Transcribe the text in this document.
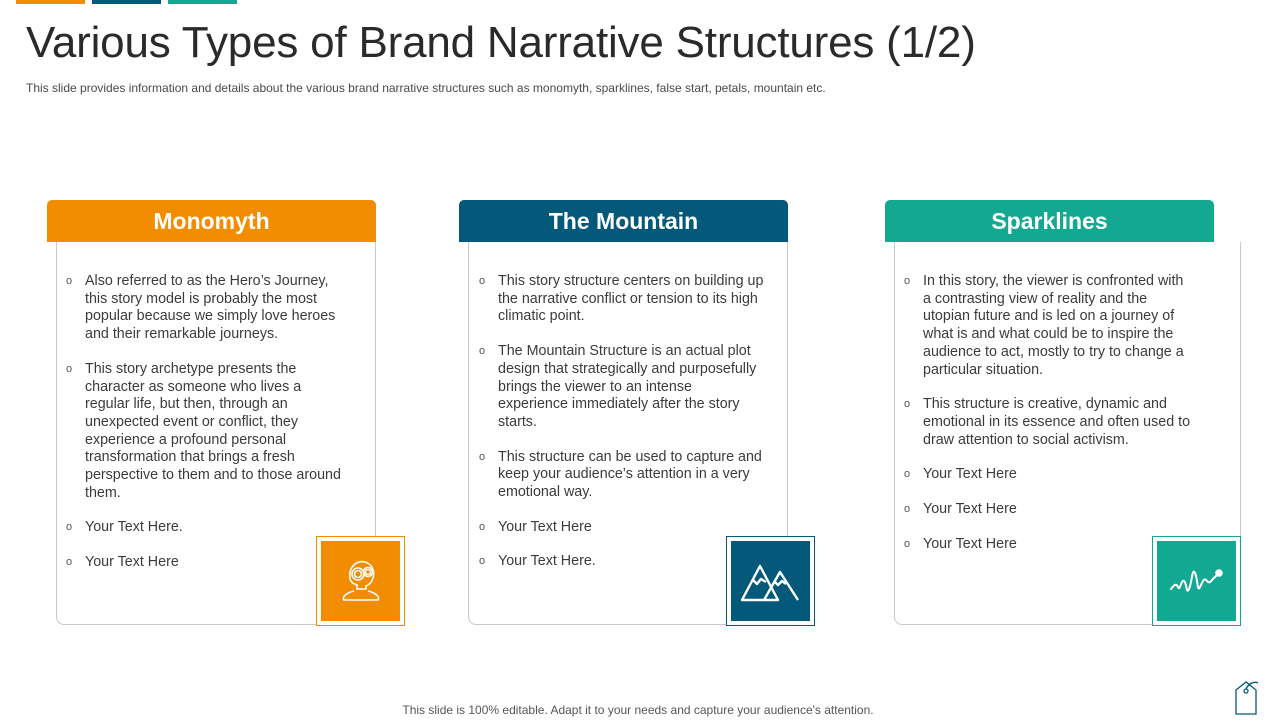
Various Types of Brand Narrative Structures (1/2)

This slide provides information and details about the various brand narrative structures such as monomyth, sparklines, false start, petals, mountain etc.

Monomyth
o Also referred to as the Hero’s Journey, this story model is probably the most popular because we simply love heroes and their remarkable journeys.
o This story archetype presents the character as someone who lives a regular life, but then, through an unexpected event or conflict, they experience a profound personal transformation that brings a fresh perspective to them and to those around them.
o Your Text Here.
o Your Text Here
The Mountain
o This story structure centers on building up the narrative conflict or tension to its high climatic point.
o The Mountain Structure is an actual plot design that strategically and purposefully brings the viewer to an intense experience immediately after the story starts.
o This structure can be used to capture and keep your audience’s attention in a very emotional way.
o Your Text Here
o Your Text Here.
Sparklines
o In this story, the viewer is confronted with a contrasting view of reality and the utopian future and is led on a journey of what is and what could be to inspire the audience to act, mostly to try to change a particular situation.
o This structure is creative, dynamic and emotional in its essence and often used to draw attention to social activism.
o Your Text Here
o Your Text Here
o Your Text Here
This slide is 100% editable. Adapt it to your needs and capture your audience's attention.
